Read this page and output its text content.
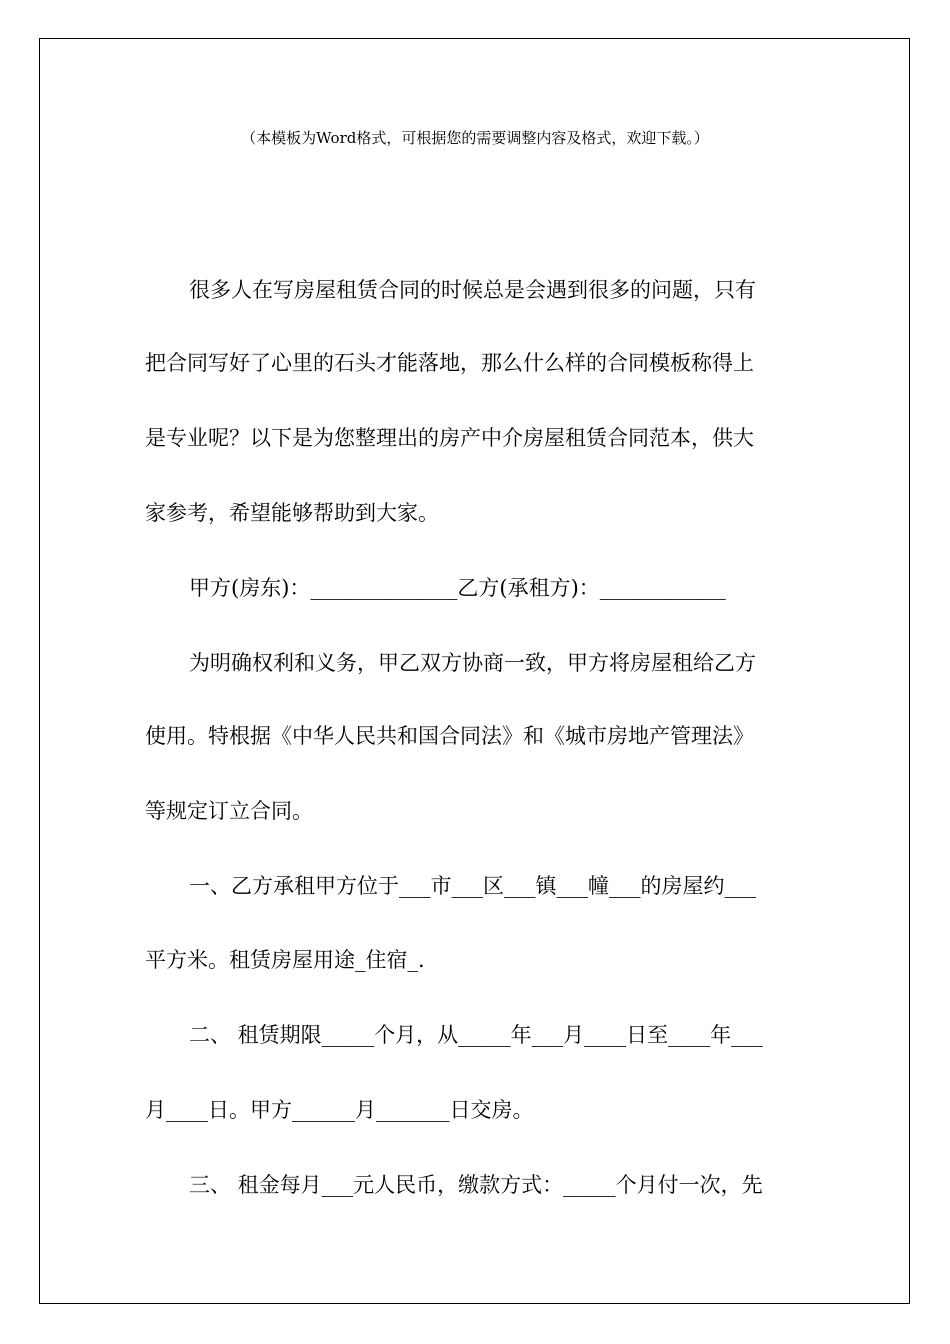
（本模板为Word格式，可根据您的需要调整内容及格式，欢迎下载。）
很多人在写房屋租赁合同的时候总是会遇到很多的问题，只有
把合同写好了心里的石头才能落地，那么什么样的合同模板称得上
是专业呢？以下是为您整理出的房产中介房屋租赁合同范本，供大
家参考，希望能够帮助到大家。
甲方(房东)：______________乙方(承租方)：____________
为明确权利和义务，甲乙双方协商一致，甲方将房屋租给乙方
使用。特根据《中华人民共和国合同法》和《城市房地产管理法》
等规定订立合同。
一、乙方承租甲方位于___市___区___镇___幢___的房屋约___
平方米。租赁房屋用途_住宿_.
二、 租赁期限_____个月，从_____年___月____日至____年___
月____日。甲方______月_______日交房。
三、 租金每月___元人民币，缴款方式：_____个月付一次，先
